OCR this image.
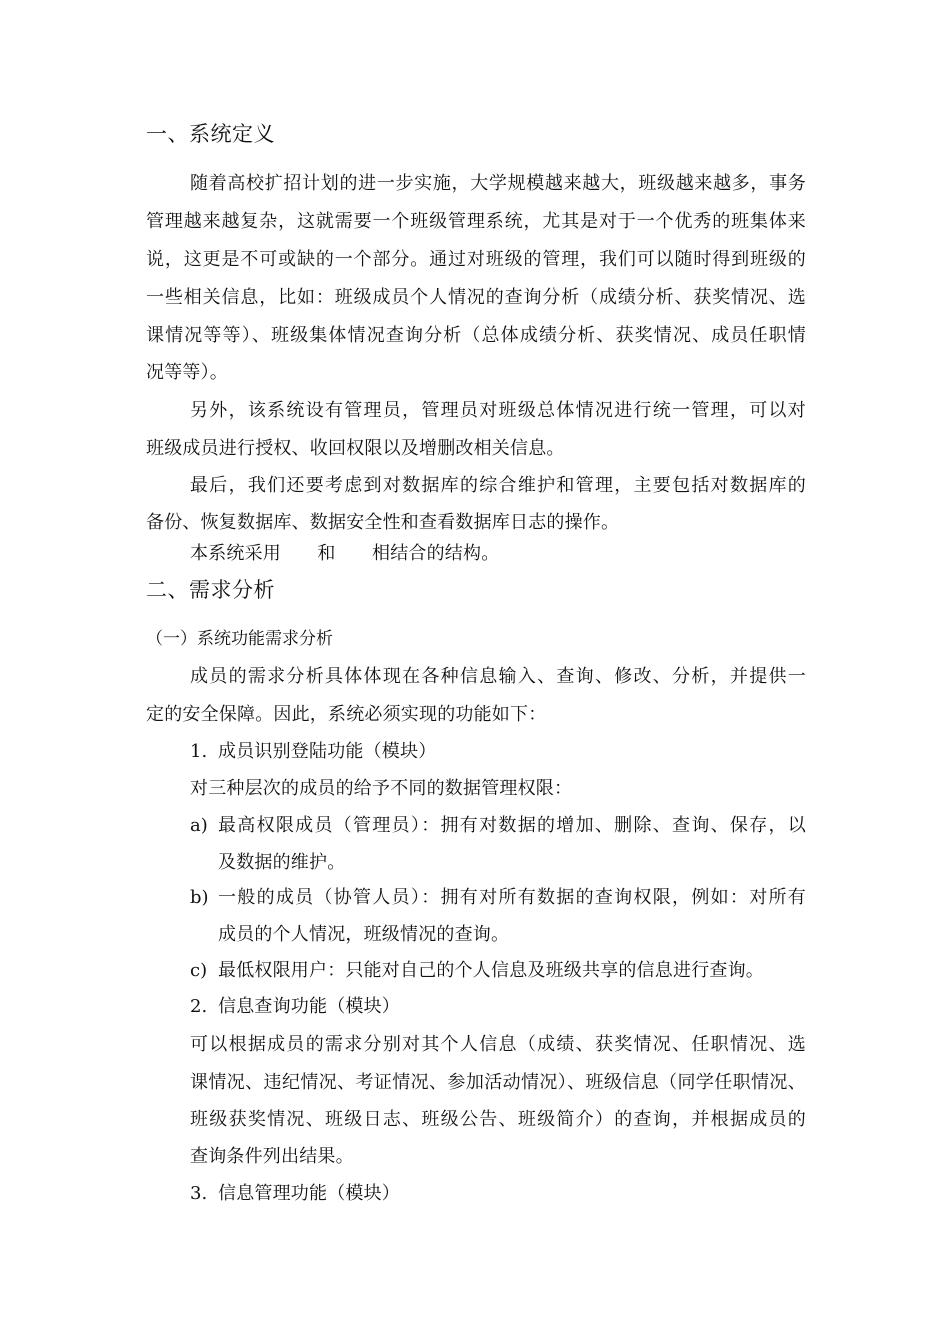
一、系统定义
随着高校扩招计划的进一步实施，大学规模越来越大，班级越来越多，事务
管理越来越复杂，这就需要一个班级管理系统，尤其是对于一个优秀的班集体来
说，这更是不可或缺的一个部分。通过对班级的管理，我们可以随时得到班级的
一些相关信息，比如：班级成员个人情况的查询分析（成绩分析、获奖情况、选
课情况等等）、班级集体情况查询分析（总体成绩分析、获奖情况、成员任职情
况等等）。
另外，该系统设有管理员，管理员对班级总体情况进行统一管理，可以对
班级成员进行授权、收回权限以及增删改相关信息。
最后，我们还要考虑到对数据库的综合维护和管理，主要包括对数据库的
备份、恢复数据库、数据安全性和查看数据库日志的操作。
本系统采用　　和　　相结合的结构。
二、需求分析
（一）系统功能需求分析
成员的需求分析具体体现在各种信息输入、查询、修改、分析，并提供一
定的安全保障。因此，系统必须实现的功能如下：
1. 成员识别登陆功能（模块）
对三种层次的成员的给予不同的数据管理权限：
a) 最高权限成员（管理员）：拥有对数据的增加、删除、查询、保存，以
及数据的维护。
b) 一般的成员（协管人员）：拥有对所有数据的查询权限，例如：对所有
成员的个人情况，班级情况的查询。
c) 最低权限用户：只能对自己的个人信息及班级共享的信息进行查询。
2. 信息查询功能（模块）
可以根据成员的需求分别对其个人信息（成绩、获奖情况、任职情况、选
课情况、违纪情况、考证情况、参加活动情况）、班级信息（同学任职情况、
班级获奖情况、班级日志、班级公告、班级简介）的查询，并根据成员的
查询条件列出结果。
3. 信息管理功能（模块）
